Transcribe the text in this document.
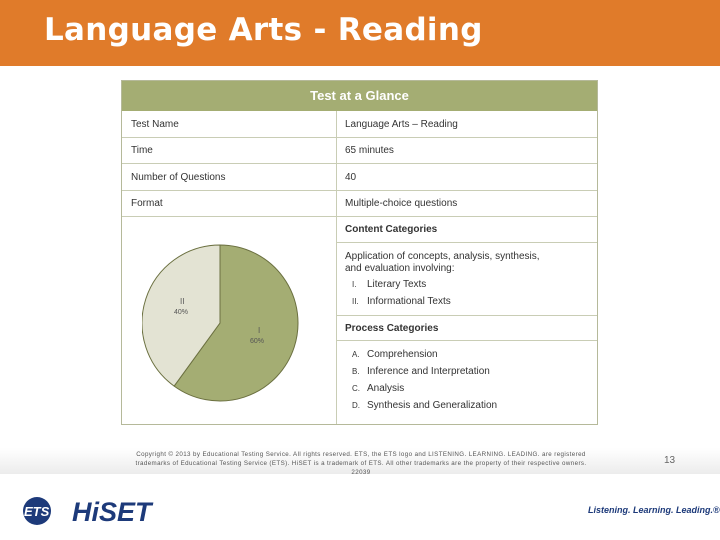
Language Arts - Reading
Test at a Glance
Test Name	Language Arts – Reading
Time	65 minutes
Number of Questions	40
Format	Multiple-choice questions
Content Categories
Application of concepts, analysis, synthesis,
and evaluation involving:
I. Literary Texts
II. Informational Texts
Process Categories
A. Comprehension
B. Inference and Interpretation
C. Analysis
D. Synthesis and Generalization
II
40%
I
60%
Copyright © 2013 by Educational Testing Service. All rights reserved. ETS, the ETS logo and LISTENING. LEARNING. LEADING. are registered trademarks of Educational Testing Service (ETS). HiSET is a trademark of ETS. All other trademarks are the property of their respective owners. 22039
13
ETS HiSET	Listening. Learning. Leading.®
